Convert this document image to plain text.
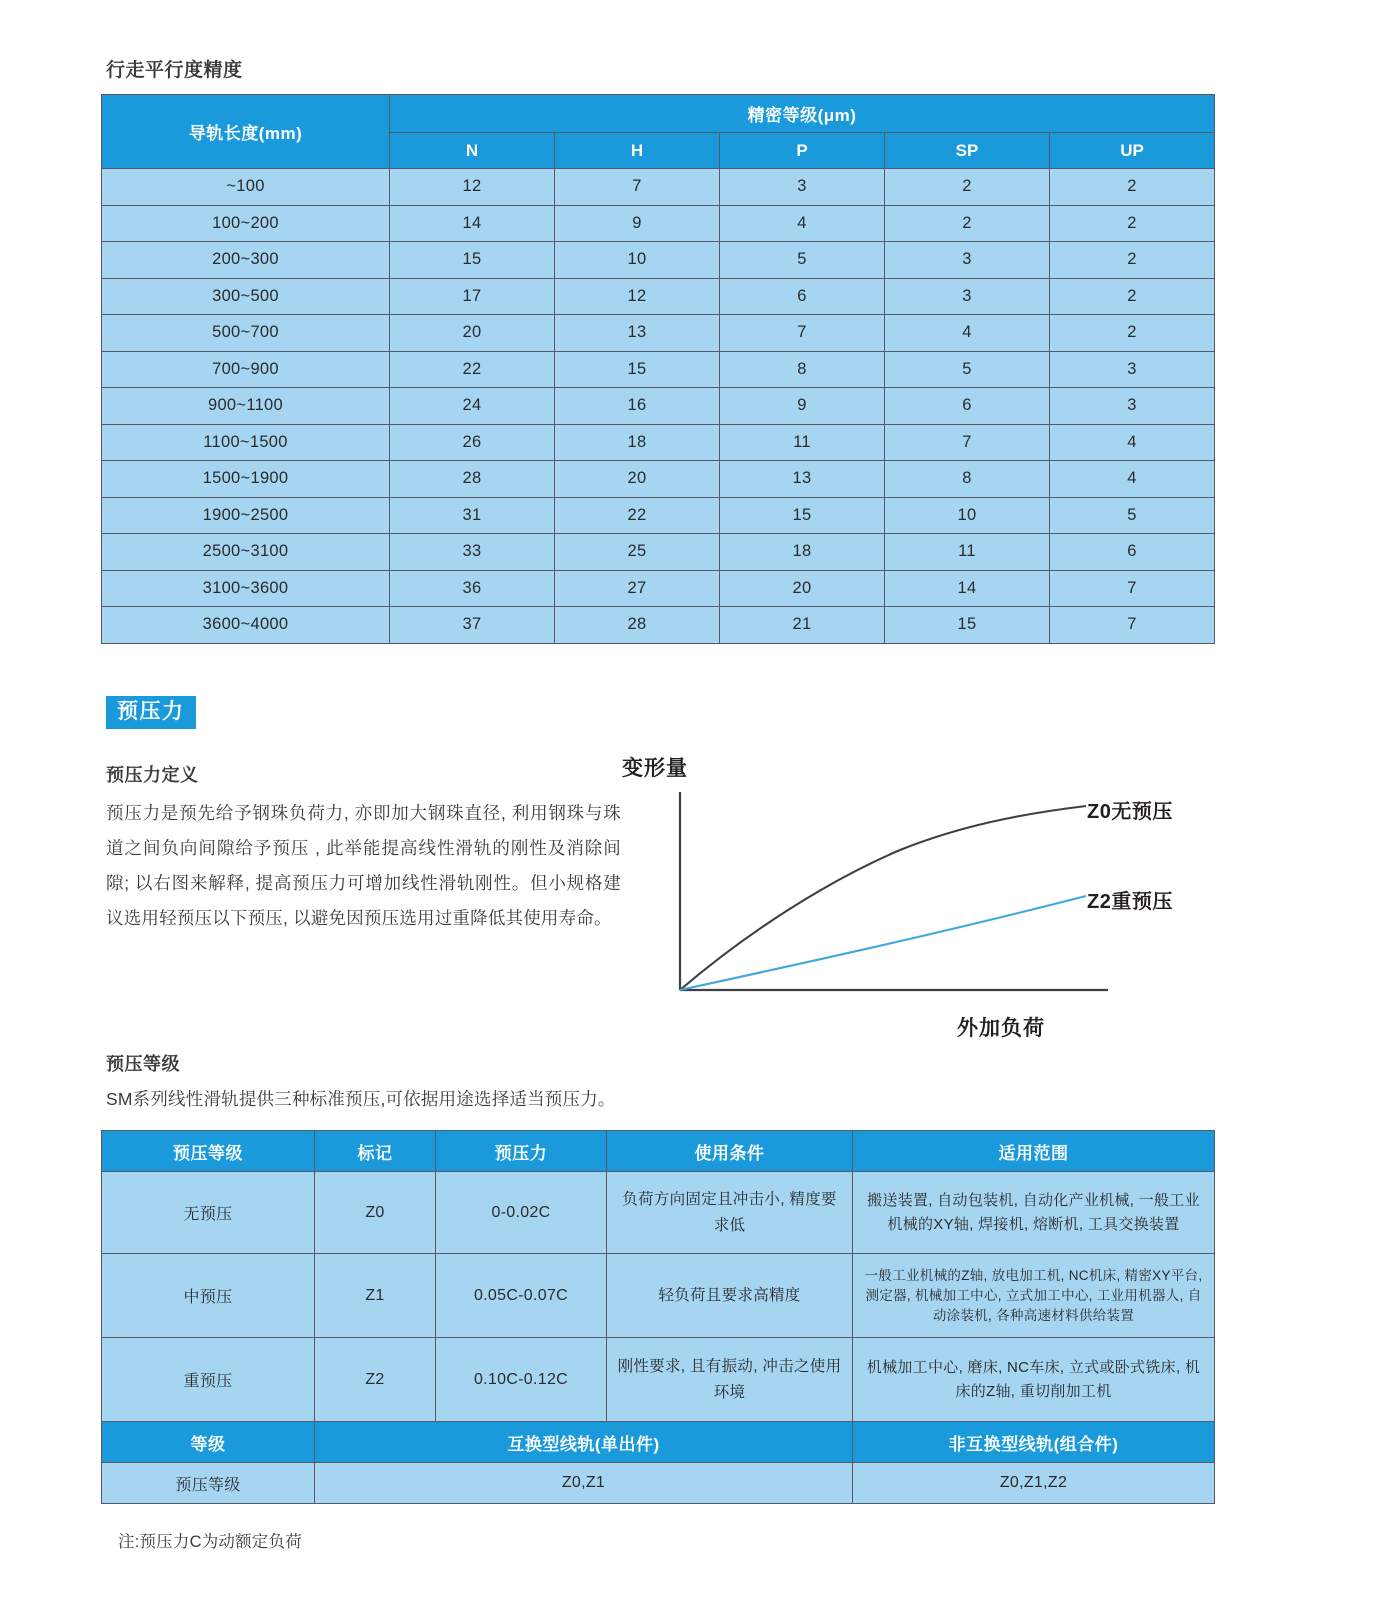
行走平行度精度
导轨长度(mm)	精密等级(μm)				
	N	H	P	SP	UP
~100	12	7	3	2	2
100~200	14	9	4	2	2
200~300	15	10	5	3	2
300~500	17	12	6	3	2
500~700	20	13	7	4	2
700~900	22	15	8	5	3
900~1100	24	16	9	6	3
1100~1500	26	18	11	7	4
1500~1900	28	20	13	8	4
1900~2500	31	22	15	10	5
2500~3100	33	25	18	11	6
3100~3600	36	27	20	14	7
3600~4000	37	28	21	15	7
预压力
预压力定义
预压力是预先给予钢珠负荷力, 亦即加大钢珠直径, 利用钢珠与珠道之间负向间隙给予预压 , 此举能提高线性滑轨的刚性及消除间隙; 以右图来解释, 提高预压力可增加线性滑轨刚性。但小规格建议选用轻预压以下预压, 以避免因预压选用过重降低其使用寿命。
变形量
Z0无预压
Z2重预压
外加负荷
预压等级
SM系列线性滑轨提供三种标准预压,可依据用途选择适当预压力。
预压等级	标记	预压力	使用条件	适用范围
无预压	Z0	0-0.02C	负荷方向固定且冲击小, 精度要求低	搬送装置, 自动包装机, 自动化产业机械, 一般工业机械的XY轴, 焊接机, 熔断机, 工具交换装置
中预压	Z1	0.05C-0.07C	轻负荷且要求高精度	一般工业机械的Z轴, 放电加工机, NC机床, 精密XY平台, 测定器, 机械加工中心, 立式加工中心, 工业用机器人, 自动涂装机, 各种高速材料供给装置
重预压	Z2	0.10C-0.12C	刚性要求, 且有振动, 冲击之使用环境	机械加工中心, 磨床, NC车床, 立式或卧式铣床, 机床的Z轴, 重切削加工机
等级	互换型线轨(单出件)			非互换型线轨(组合件)
预压等级	Z0,Z1			Z0,Z1,Z2
注:预压力C为动额定负荷
